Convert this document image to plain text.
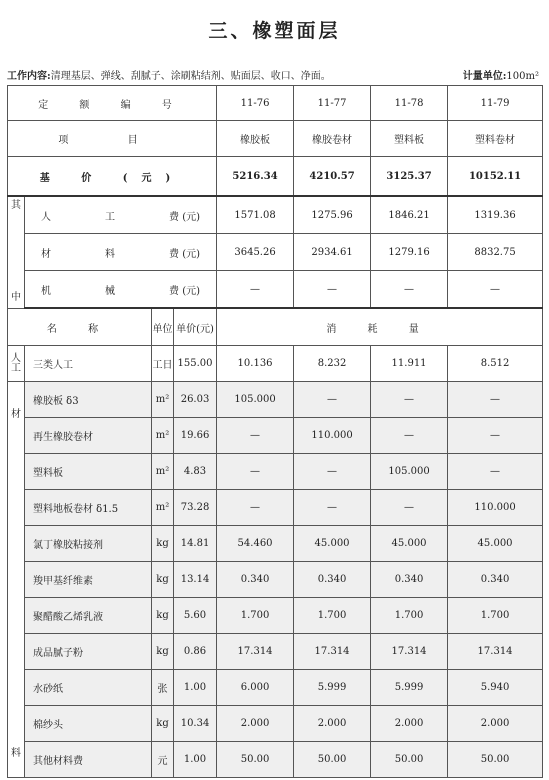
三、橡塑面层
工作内容:清理基层、弹线、刮腻子、涂刷粘结剂、贴面层、收口、净面。	计量单位:100m²
定 额 编 号				11-76	11-77	11-78	11-79
项 目				橡胶板	橡胶卷材	塑料板	塑料卷材
基 价 (元)				5216.34	4210.57	3125.37	10152.11

其
中	人 工 费 (元)			1571.08	1275.96	1846.21	1319.36

	材 料 费 (元)			3645.26	2934.61	1279.16	8832.75

	机 械 费 (元)			—	—	—	—
名 称		单位	单价(元)	消 耗 量			

人
工	三类人工	工日	155.00	10.136	8.232	11.911	8.512

材
料	橡胶板 δ3	m²	26.03	105.000	—	—	—
	再生橡胶卷材	m²	19.66	—	110.000	—	—
	塑料板	m²	4.83	—	—	105.000	—
	塑料地板卷材 δ1.5	m²	73.28	—	—	—	110.000
	氯丁橡胶粘接剂	kg	14.81	54.460	45.000	45.000	45.000
	羧甲基纤维素	kg	13.14	0.340	0.340	0.340	0.340
	聚醋酸乙烯乳液	kg	5.60	1.700	1.700	1.700	1.700
	成品腻子粉	kg	0.86	17.314	17.314	17.314	17.314
	水砂纸	张	1.00	6.000	5.999	5.999	5.940
	棉纱头	kg	10.34	2.000	2.000	2.000	2.000
	其他材料费	元	1.00	50.00	50.00	50.00	50.00
